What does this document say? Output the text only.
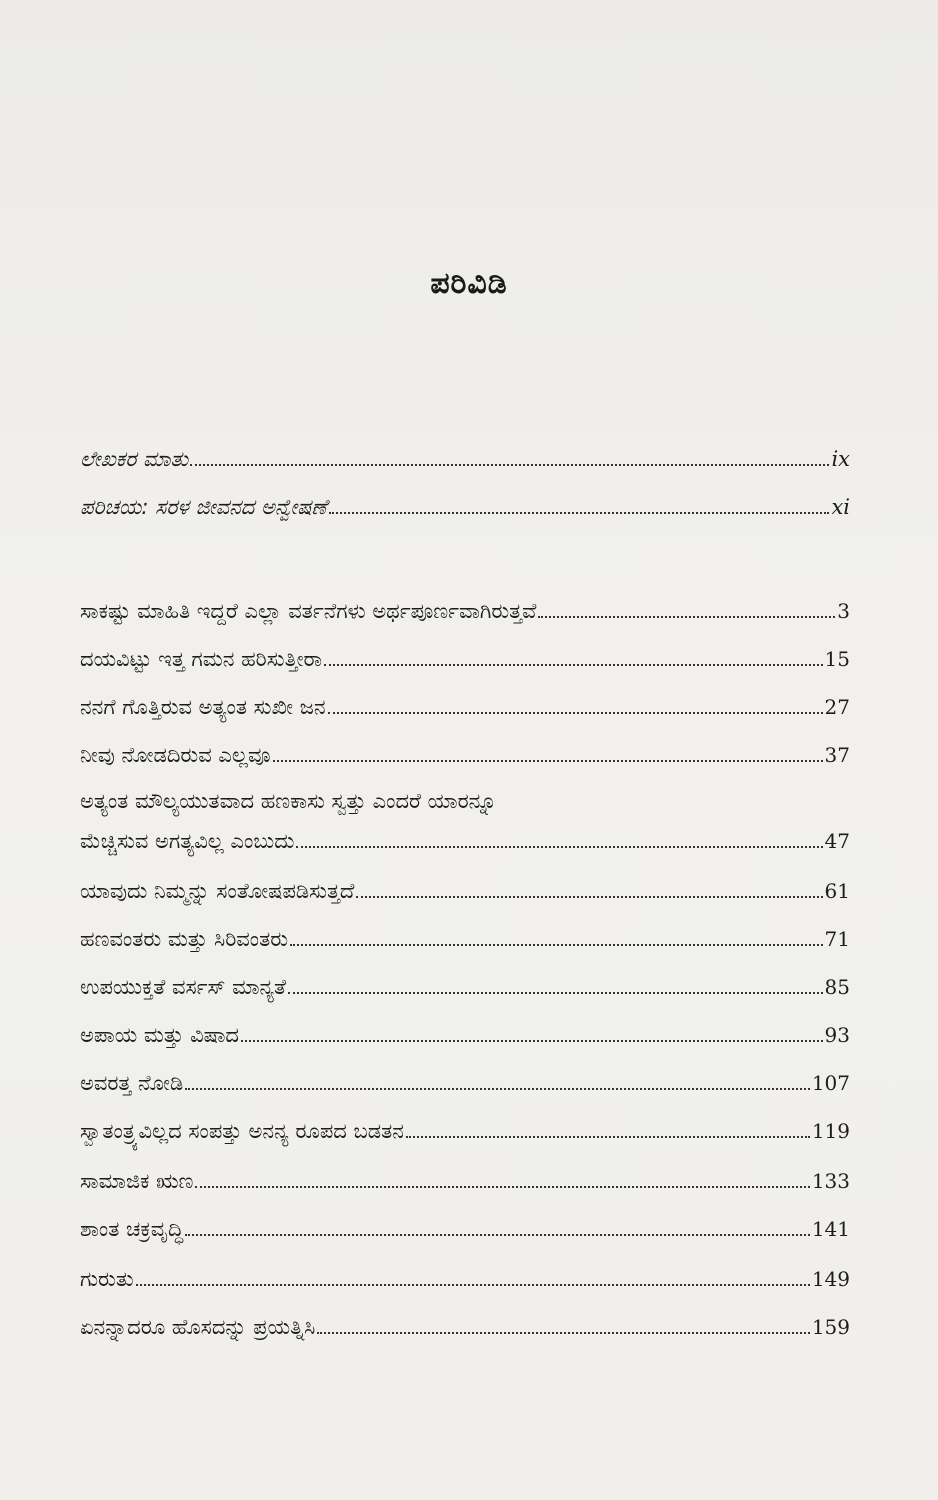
ಪರಿವಿಡಿ
ಲೇಖಕರ ಮಾತು	ix
ಪರಿಚಯ: ಸರಳ ಜೀವನದ ಅನ್ವೇಷಣೆ	xi
ಸಾಕಷ್ಟು ಮಾಹಿತಿ ಇದ್ದರೆ ಎಲ್ಲಾ ವರ್ತನೆಗಳು ಅರ್ಥಪೂರ್ಣವಾಗಿರುತ್ತವೆ	3
ದಯವಿಟ್ಟು ಇತ್ತ ಗಮನ ಹರಿಸುತ್ತೀರಾ	15
ನನಗೆ ಗೊತ್ತಿರುವ ಅತ್ಯಂತ ಸುಖೀ ಜನ	27
ನೀವು ನೋಡದಿರುವ ಎಲ್ಲವೂ	37
ಅತ್ಯಂತ ಮೌಲ್ಯಯುತವಾದ ಹಣಕಾಸು ಸ್ವತ್ತು ಎಂದರೆ ಯಾರನ್ನೂ
ಮೆಚ್ಚಿಸುವ ಅಗತ್ಯವಿಲ್ಲ ಎಂಬುದು	47
ಯಾವುದು ನಿಮ್ಮನ್ನು ಸಂತೋಷಪಡಿಸುತ್ತದೆ	61
ಹಣವಂತರು ಮತ್ತು ಸಿರಿವಂತರು	71
ಉಪಯುಕ್ತತೆ ವರ್ಸಸ್ ಮಾನ್ಯತೆ	85
ಅಪಾಯ ಮತ್ತು ವಿಷಾದ	93
ಅವರತ್ತ ನೋಡಿ	107
ಸ್ವಾತಂತ್ರ್ಯವಿಲ್ಲದ ಸಂಪತ್ತು ಅನನ್ಯ ರೂಪದ ಬಡತನ	119
ಸಾಮಾಜಿಕ ಋಣ	133
ಶಾಂತ ಚಕ್ರವೃದ್ಧಿ	141
ಗುರುತು	149
ಏನನ್ನಾದರೂ ಹೊಸದನ್ನು ಪ್ರಯತ್ನಿಸಿ	159
